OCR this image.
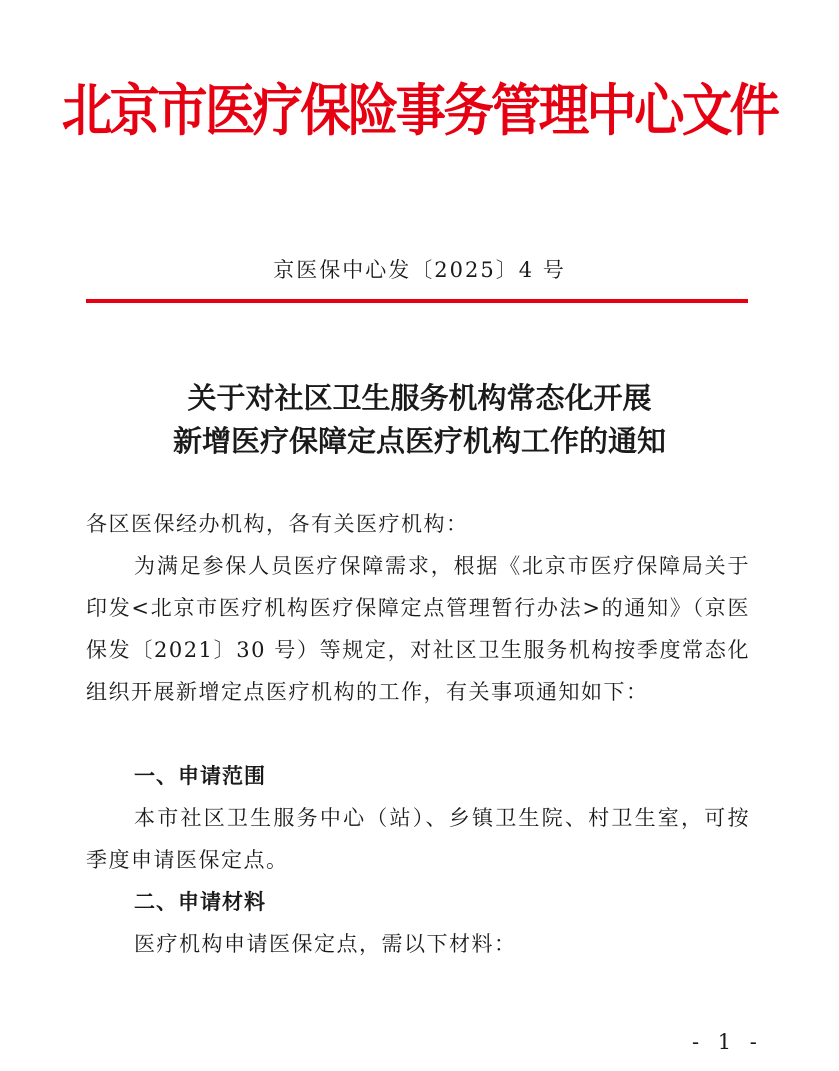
北京市医疗保险事务管理中心文件
京医保中心发〔2025〕4 号
关于对社区卫生服务机构常态化开展
新增医疗保障定点医疗机构工作的通知
各区医保经办机构，各有关医疗机构：
为满足参保人员医疗保障需求，根据《北京市医疗保障局关于印发<北京市医疗机构医疗保障定点管理暂行办法>的通知》（京医保发〔2021〕30 号）等规定，对社区卫生服务机构按季度常态化组织开展新增定点医疗机构的工作，有关事项通知如下：
一、申请范围
本市社区卫生服务中心（站）、乡镇卫生院、村卫生室，可按季度申请医保定点。
二、申请材料
医疗机构申请医保定点，需以下材料：
- 1 -
